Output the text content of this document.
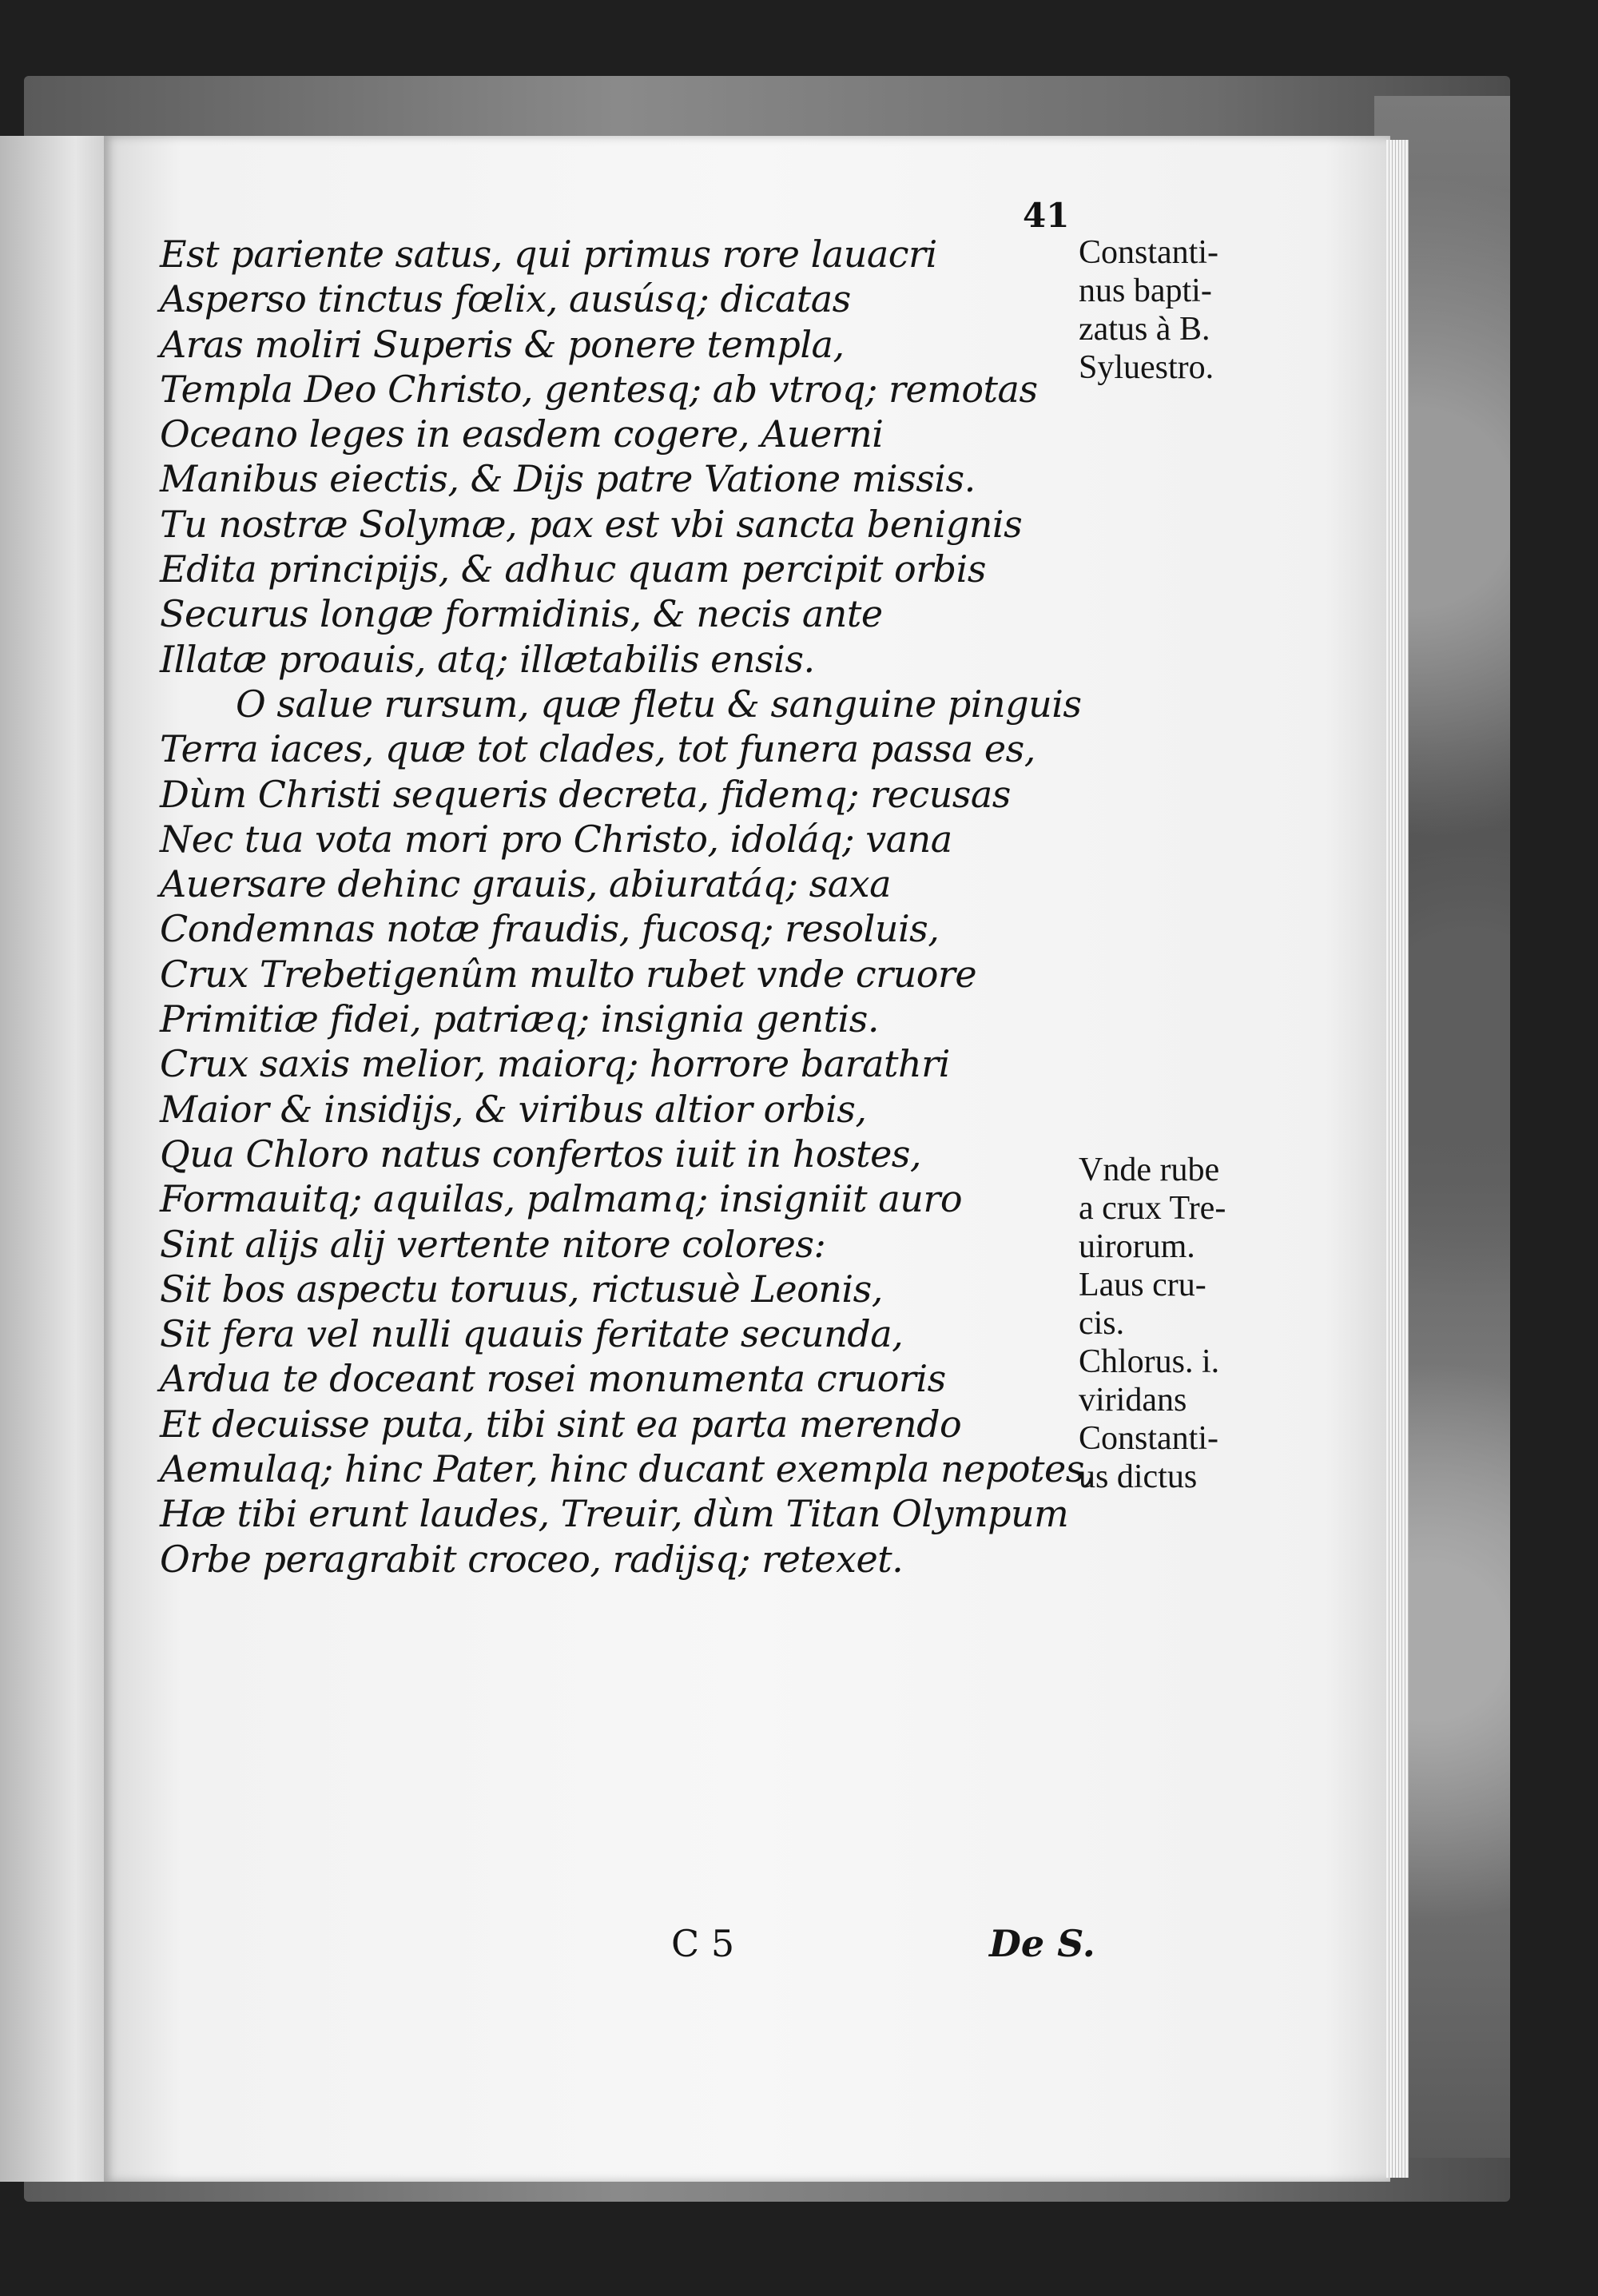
41
Est pariente satus, qui primus rore lauacri
Asperso tinctus fœlix, ausúsq; dicatas
Aras moliri Superis & ponere templa,
Templa Deo Christo, gentesq; ab vtroq; remotas
Oceano leges in easdem cogere, Auerni
Manibus eiectis, & Dijs patre Vatione missis.
Tu nostræ Solymæ, pax est vbi sancta benignis
Edita principijs, & adhuc quam percipit orbis
Securus longæ formidinis, & necis ante
Illatæ proauis, atq; illætabilis ensis.
O salue rursum, quæ fletu & sanguine pinguis
Terra iaces, quæ tot clades, tot funera passa es,
Dùm Christi sequeris decreta, fidemq; recusas
Nec tua vota mori pro Christo, idoláq; vana
Auersare dehinc grauis, abiuratáq; saxa
Condemnas notæ fraudis, fucosq; resoluis,
Crux Trebetigenûm multo rubet vnde cruore
Primitiæ fidei, patriæq; insignia gentis.
Crux saxis melior, maiorq; horrore barathri
Maior & insidijs, & viribus altior orbis,
Qua Chloro natus confertos iuit in hostes,
Formauitq; aquilas, palmamq; insigniit auro
Sint alijs alij vertente nitore colores:
Sit bos aspectu toruus, rictusuè Leonis,
Sit fera vel nulli quauis feritate secunda,
Ardua te doceant rosei monumenta cruoris
Et decuisse puta, tibi sint ea parta merendo
Aemulaq; hinc Pater, hinc ducant exempla nepotes,
Hæ tibi erunt laudes, Treuir, dùm Titan Olympum
Orbe peragrabit croceo, radijsq; retexet.
Constanti-
nus bapti-
zatus à B.
Syluestro.
Vnde rube
a crux Tre-
uirorum.
Laus cru-
cis.
Chlorus. i.
viridans
Constanti-
us dictus
C 5	De S.
